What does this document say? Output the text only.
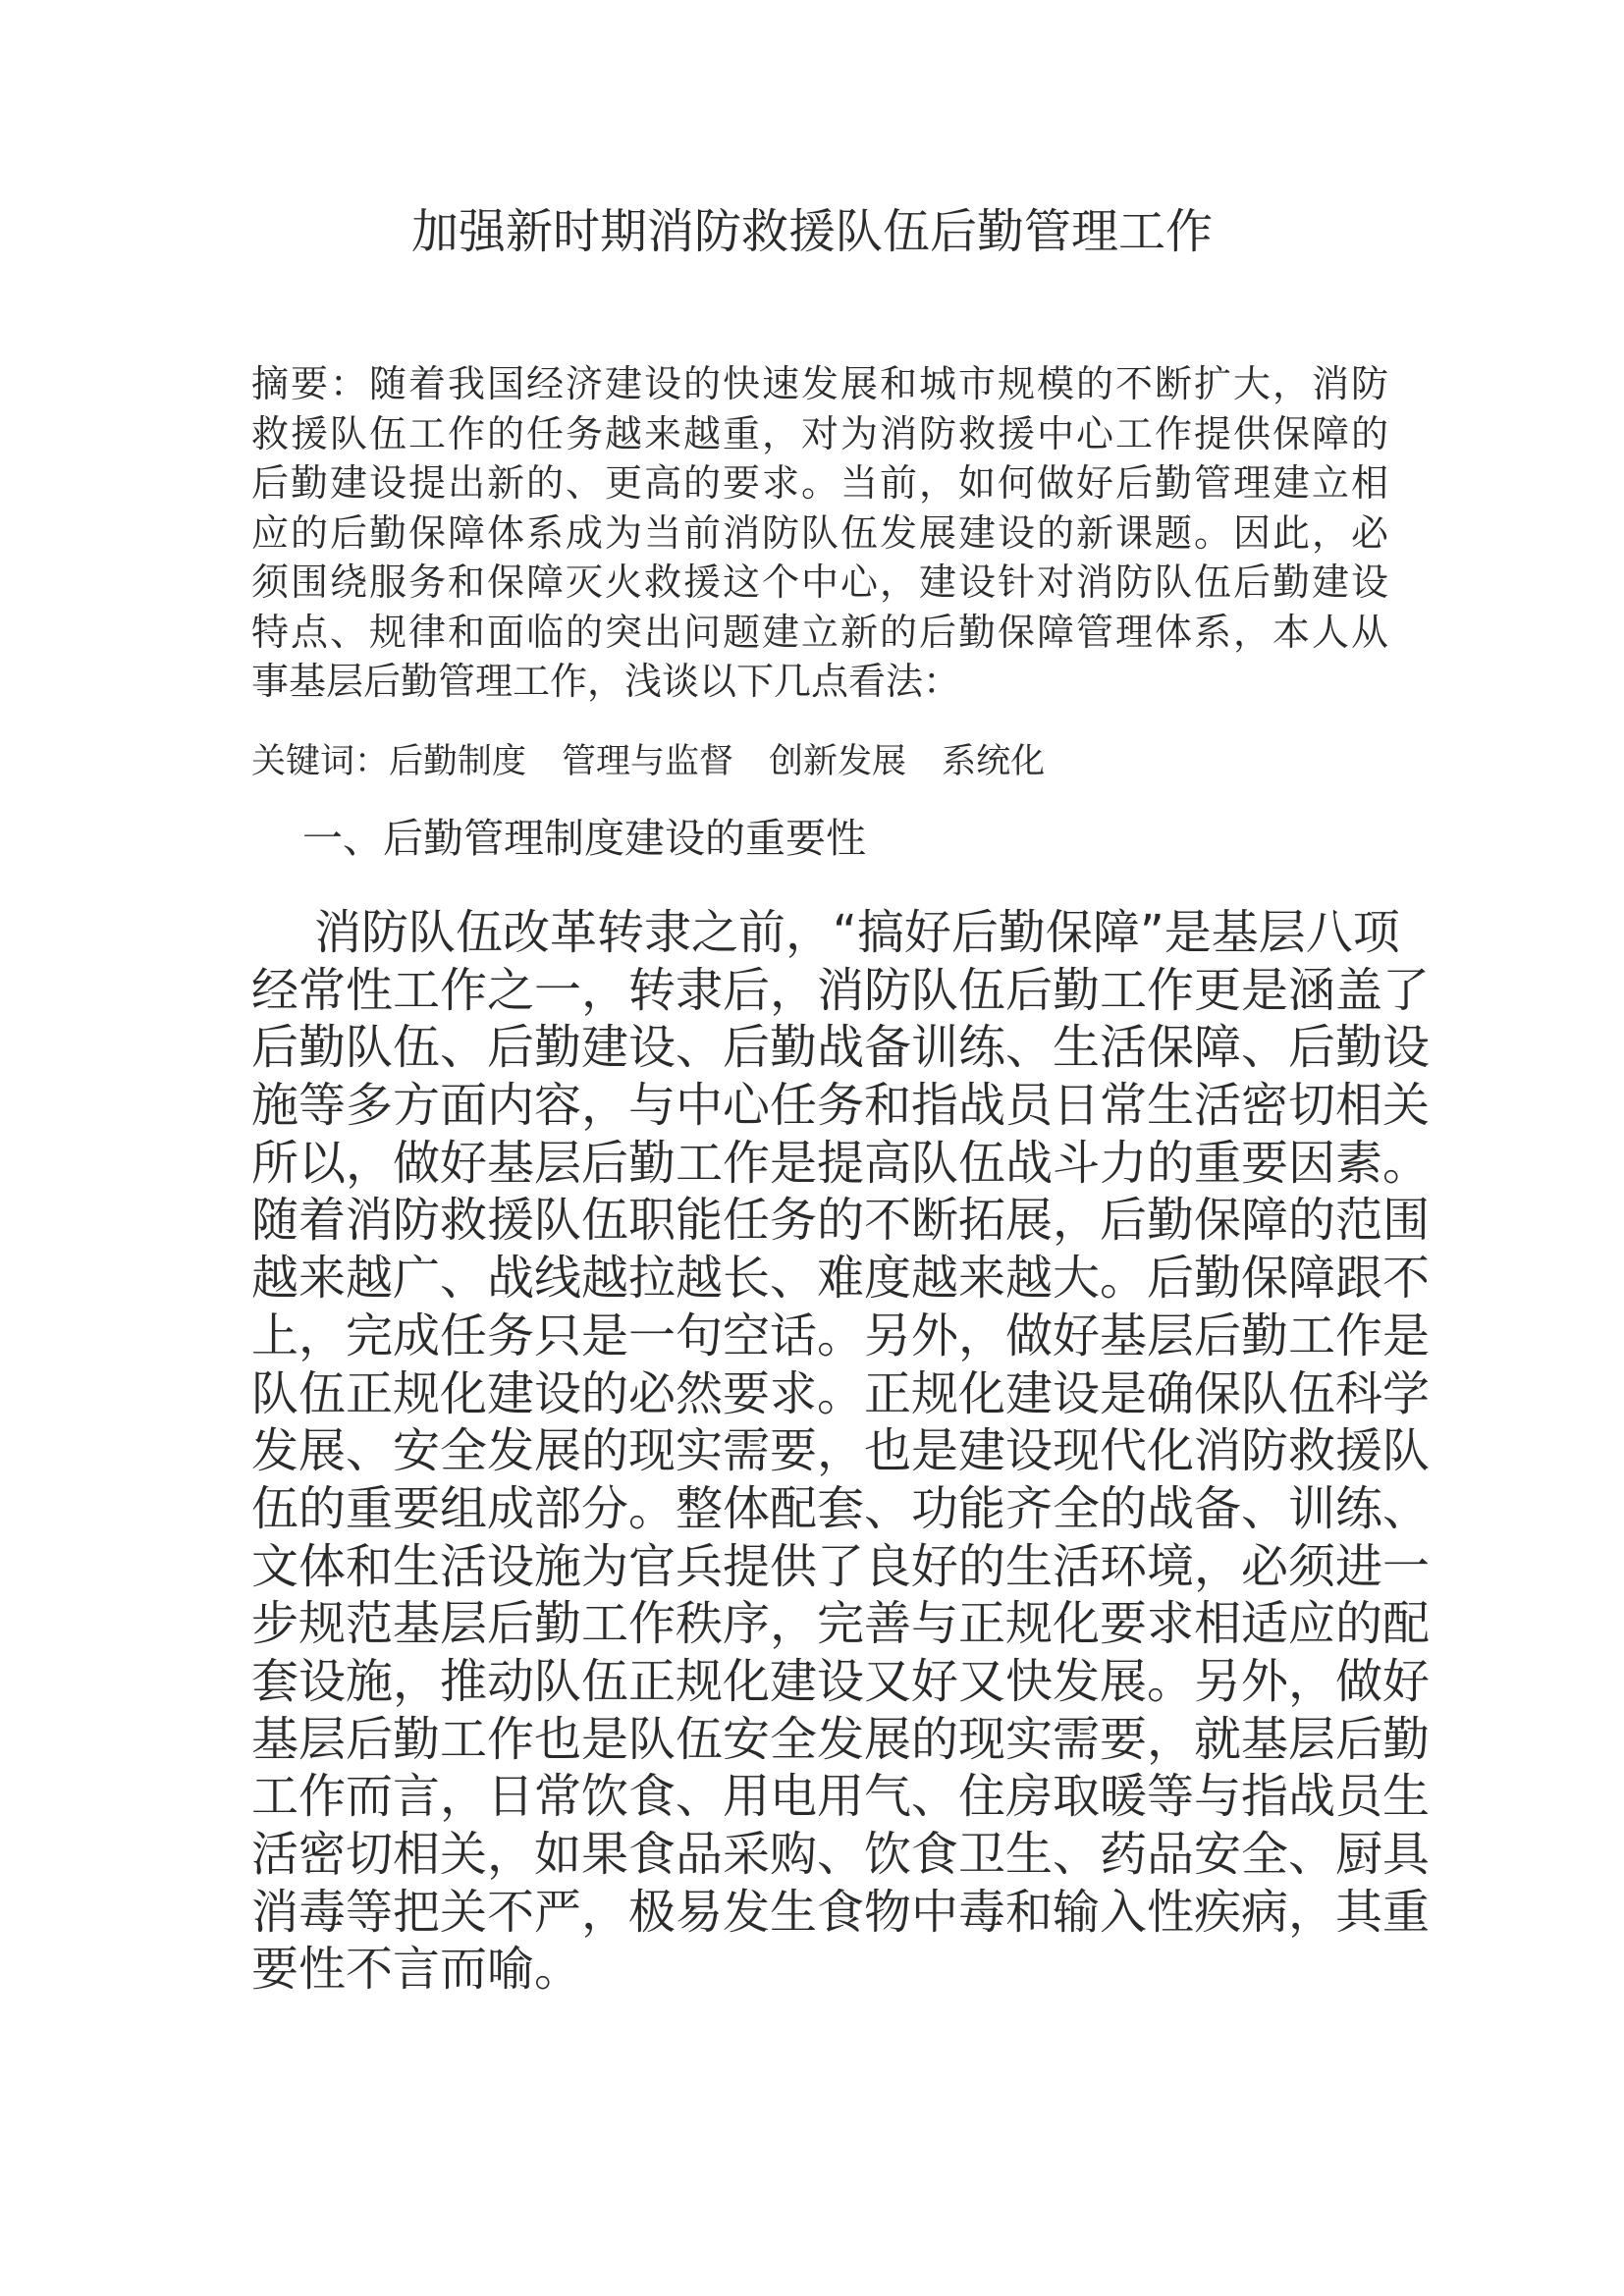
加强新时期消防救援队伍后勤管理工作
摘要：随着我国经济建设的快速发展和城市规模的不断扩大，消防
救援队伍工作的任务越来越重，对为消防救援中心工作提供保障的
后勤建设提出新的、更高的要求。当前，如何做好后勤管理建立相
应的后勤保障体系成为当前消防队伍发展建设的新课题。因此，必
须围绕服务和保障灭火救援这个中心，建设针对消防队伍后勤建设
特点、规律和面临的突出问题建立新的后勤保障管理体系，本人从
事基层后勤管理工作，浅谈以下几点看法：
关键词：后勤制度 管理与监督 创新发展 系统化
一、后勤管理制度建设的重要性
消防队伍改革转隶之前，“搞好后勤保障”是基层八项
经常性工作之一，转隶后，消防队伍后勤工作更是涵盖了
后勤队伍、后勤建设、后勤战备训练、生活保障、后勤设
施等多方面内容，与中心任务和指战员日常生活密切相关
所以，做好基层后勤工作是提高队伍战斗力的重要因素。
随着消防救援队伍职能任务的不断拓展，后勤保障的范围
越来越广、战线越拉越长、难度越来越大。后勤保障跟不
上，完成任务只是一句空话。另外，做好基层后勤工作是
队伍正规化建设的必然要求。正规化建设是确保队伍科学
发展、安全发展的现实需要，也是建设现代化消防救援队
伍的重要组成部分。整体配套、功能齐全的战备、训练、
文体和生活设施为官兵提供了良好的生活环境，必须进一
步规范基层后勤工作秩序，完善与正规化要求相适应的配
套设施，推动队伍正规化建设又好又快发展。另外，做好
基层后勤工作也是队伍安全发展的现实需要，就基层后勤
工作而言，日常饮食、用电用气、住房取暖等与指战员生
活密切相关，如果食品采购、饮食卫生、药品安全、厨具
消毒等把关不严，极易发生食物中毒和输入性疾病，其重
要性不言而喻。
